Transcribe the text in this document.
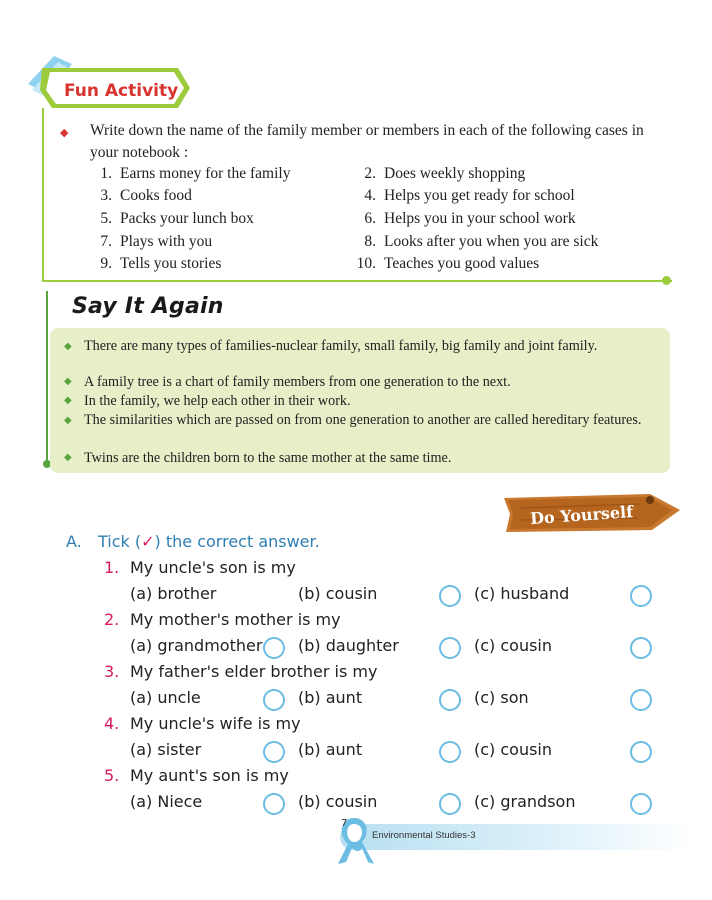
Fun Activity
◆ Write down the name of the family member or members in each of the following cases in your notebook :
1. Earns money for the family	2. Does weekly shopping
3. Cooks food	4. Helps you get ready for school
5. Packs your lunch box	6. Helps you in your school work
7. Plays with you	8. Looks after you when you are sick
9. Tells you stories	10. Teaches you good values
Say It Again
◆ There are many types of families-nuclear family, small family, big family and joint family.
◆ A family tree is a chart of family members from one generation to the next.
◆ In the family, we help each other in their work.
◆ The similarities which are passed on from one generation to another are called hereditary features.
◆ Twins are the children born to the same mother at the same time.
Do Yourself
A. Tick (✓) the correct answer.
1. My uncle's son is my
(a) brother	(b) cousin	(c) husband
2. My mother's mother is my
(a) grandmother (b) daughter	(c) cousin
3. My father's elder brother is my
(a) uncle	(b) aunt	(c) son
4. My uncle's wife is my
(a) sister	(b) aunt	(c) cousin
5. My aunt's son is my
(a) Niece	(b) cousin	(c) grandson
7
Environmental Studies-3
